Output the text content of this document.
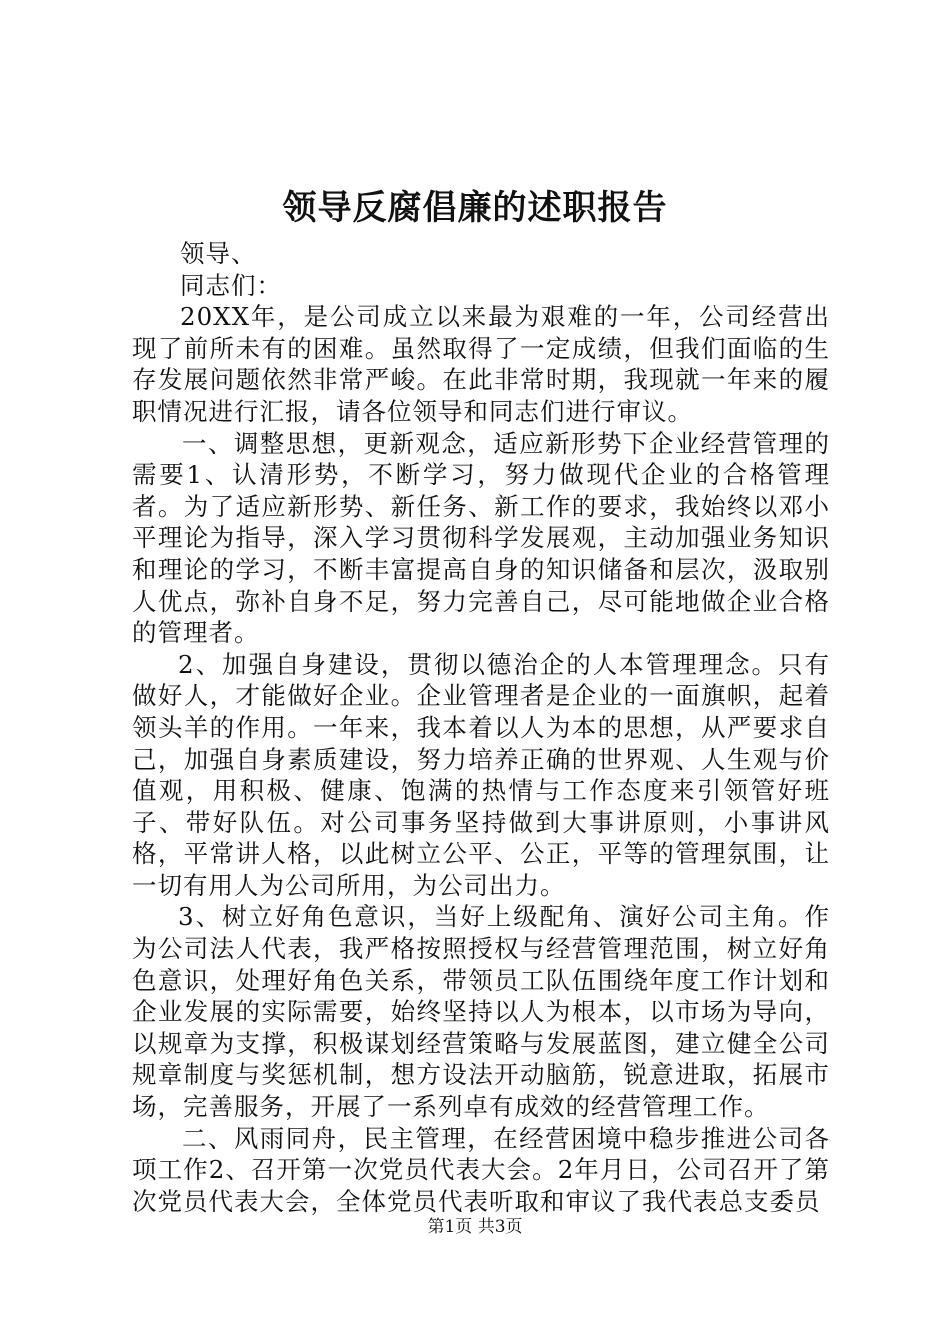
领导反腐倡廉的述职报告

领导、

同志们：

20XX年，是公司成立以来最为艰难的一年，公司经营出现了前所未有的困难。虽然取得了一定成绩，但我们面临的生存发展问题依然非常严峻。在此非常时期，我现就一年来的履职情况进行汇报，请各位领导和同志们进行审议。

一、调整思想，更新观念，适应新形势下企业经营管理的需要1、认清形势，不断学习，努力做现代企业的合格管理者。为了适应新形势、新任务、新工作的要求，我始终以邓小平理论为指导，深入学习贯彻科学发展观，主动加强业务知识和理论的学习，不断丰富提高自身的知识储备和层次，汲取别人优点，弥补自身不足，努力完善自己，尽可能地做企业合格的管理者。

2、加强自身建设，贯彻以德治企的人本管理理念。只有做好人，才能做好企业。企业管理者是企业的一面旗帜，起着领头羊的作用。一年来，我本着以人为本的思想，从严要求自己，加强自身素质建设，努力培养正确的世界观、人生观与价值观，用积极、健康、饱满的热情与工作态度来引领管好班子、带好队伍。对公司事务坚持做到大事讲原则，小事讲风格，平常讲人格，以此树立公平、公正，平等的管理氛围，让一切有用人为公司所用，为公司出力。

3、树立好角色意识，当好上级配角、演好公司主角。作为公司法人代表，我严格按照授权与经营管理范围，树立好角色意识，处理好角色关系，带领员工队伍围绕年度工作计划和企业发展的实际需要，始终坚持以人为根本，以市场为导向，以规章为支撑，积极谋划经营策略与发展蓝图，建立健全公司规章制度与奖惩机制，想方设法开动脑筋，锐意进取，拓展市场，完善服务，开展了一系列卓有成效的经营管理工作。

二、风雨同舟，民主管理，在经营困境中稳步推进公司各项工作2、召开第一次党员代表大会。2年月日，公司召开了第次党员代表大会，全体党员代表听取和审议了我代表总支委员

第1页 共3页
